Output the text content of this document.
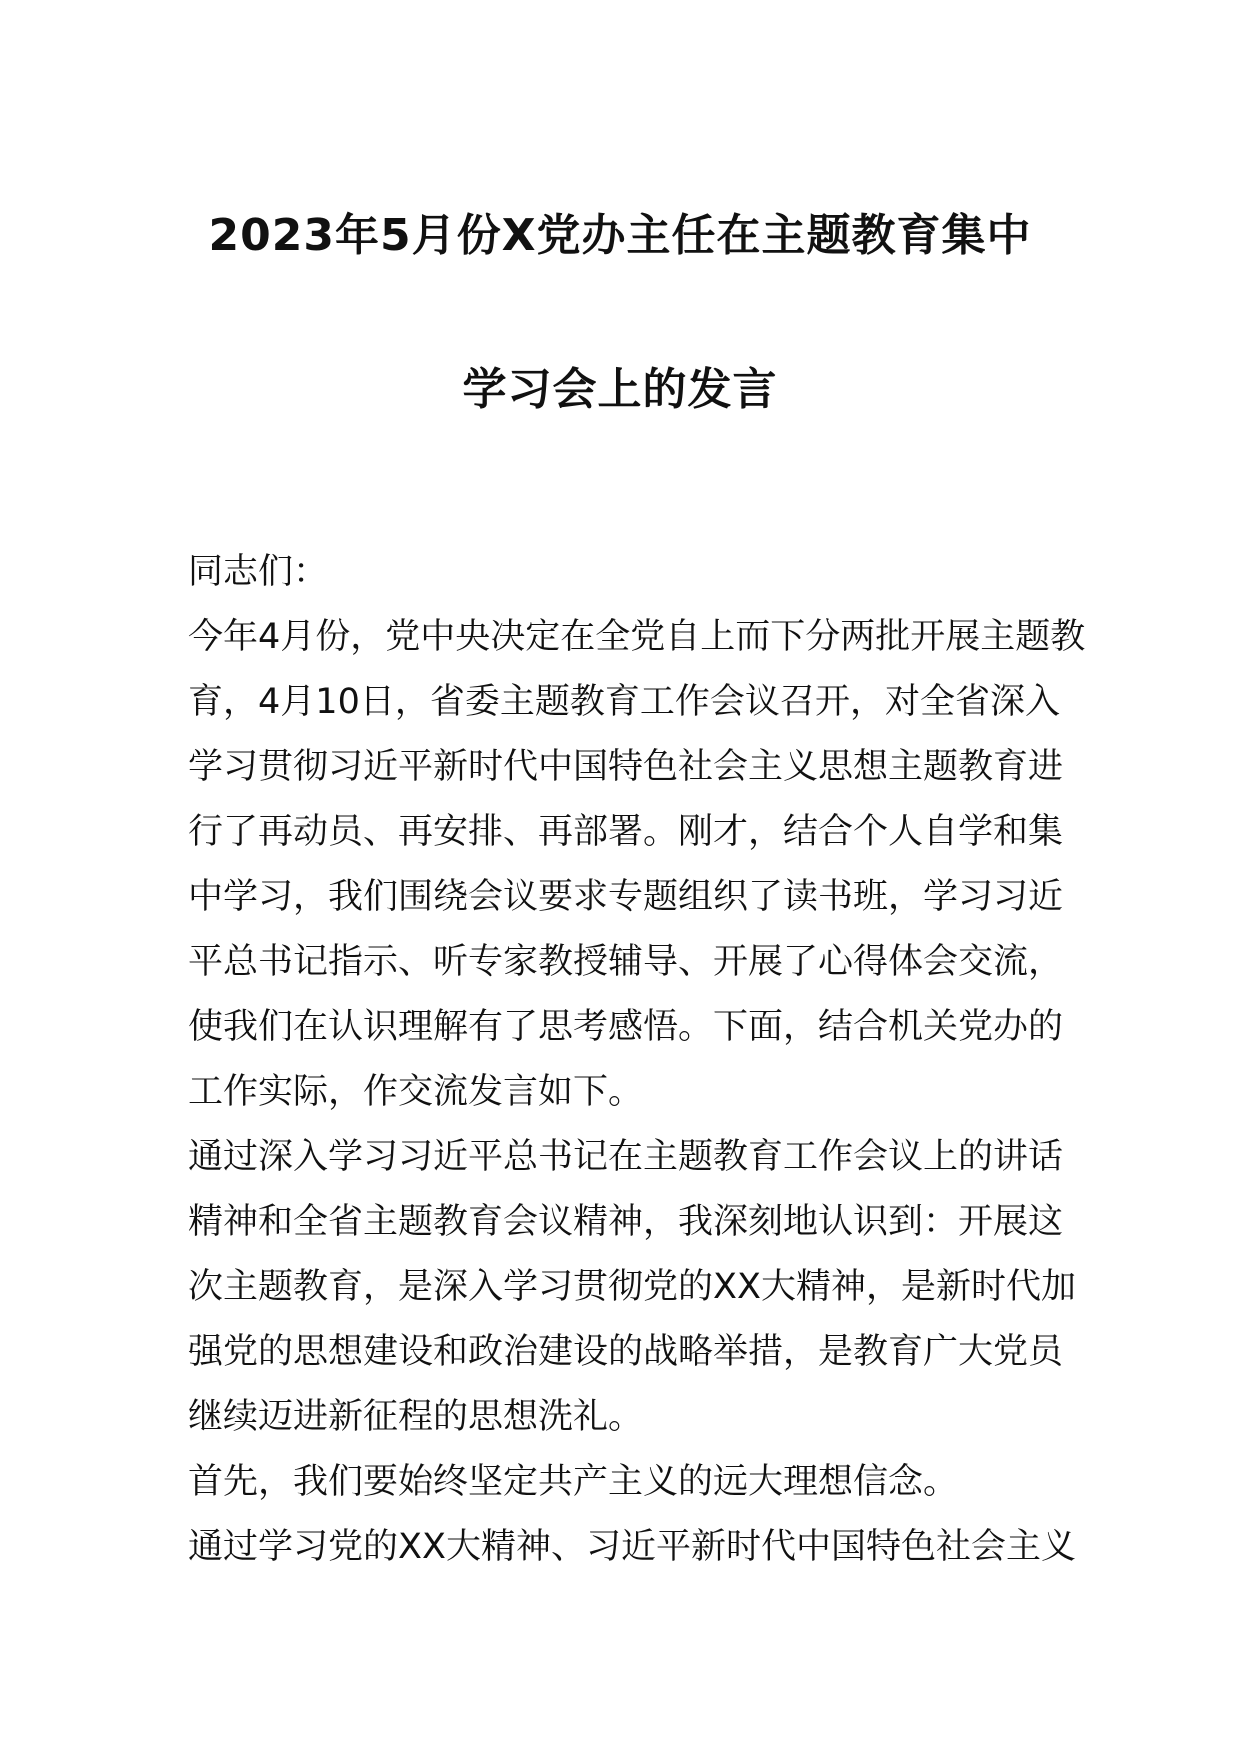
2023年5月份X党办主任在主题教育集中
学习会上的发言
同志们：
今年4月份，党中央决定在全党自上而下分两批开展主题教
育，4月10日，省委主题教育工作会议召开，对全省深入
学习贯彻习近平新时代中国特色社会主义思想主题教育进
行了再动员、再安排、再部署。刚才，结合个人自学和集
中学习，我们围绕会议要求专题组织了读书班，学习习近
平总书记指示、听专家教授辅导、开展了心得体会交流，
使我们在认识理解有了思考感悟。下面，结合机关党办的
工作实际，作交流发言如下。
通过深入学习习近平总书记在主题教育工作会议上的讲话
精神和全省主题教育会议精神，我深刻地认识到：开展这
次主题教育，是深入学习贯彻党的XX大精神，是新时代加
强党的思想建设和政治建设的战略举措，是教育广大党员
继续迈进新征程的思想洗礼。
首先，我们要始终坚定共产主义的远大理想信念。
通过学习党的XX大精神、习近平新时代中国特色社会主义
